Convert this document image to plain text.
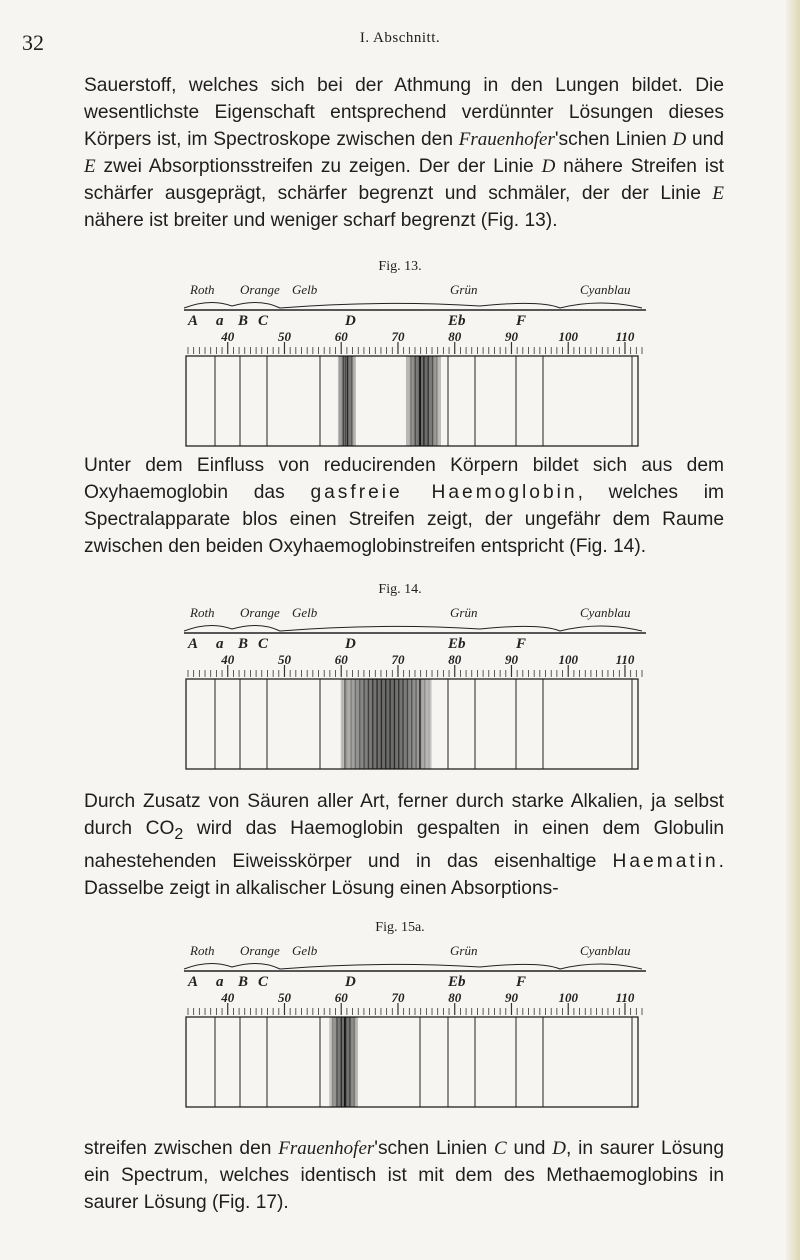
32	I. Abschnitt.
Sauerstoff, welches sich bei der Athmung in den Lungen bildet. Die wesentlichste Eigenschaft entsprechend verdünnter Lösungen dieses Körpers ist, im Spectroskope zwischen den Frauenhofer'schen Linien D und E zwei Absorptionsstreifen zu zeigen. Der der Linie D nähere Streifen ist schärfer ausgeprägt, schärfer begrenzt und schmäler, der der Linie E nähere ist breiter und weniger scharf begrenzt (Fig. 13).
Fig. 13.
Roth Orange Gelb	Grün	Cyanblau
A a B C	D	Eb	F
40	50	60	70	80	90	100	110
Unter dem Einfluss von reducirenden Körpern bildet sich aus dem Oxyhaemoglobin das gasfreie Haemoglobin, welches im Spectralapparate blos einen Streifen zeigt, der ungefähr dem Raume zwischen den beiden Oxyhaemoglobinstreifen entspricht (Fig. 14).
Fig. 14.
Roth Orange Gelb	Grün	Cyanblau
A a B C	D	Eb	F
40	50	60	70	80	90	100	110
Durch Zusatz von Säuren aller Art, ferner durch starke Alkalien, ja selbst durch $CO_2$ wird das Haemoglobin gespalten in einen dem Globulin nahestehenden Eiweisskörper und in das eisenhaltige Haematin. Dasselbe zeigt in alkalischer Lösung einen Absorptions-
Fig. 15a.
Roth Orange Gelb	Grün	Cyanblau
A a B C	D	Eb	F
40	50	60	70	80	90	100	110
streifen zwischen den Frauenhofer'schen Linien C und D, in saurer Lösung ein Spectrum, welches identisch ist mit dem des Methaemoglobins in saurer Lösung (Fig. 17).
